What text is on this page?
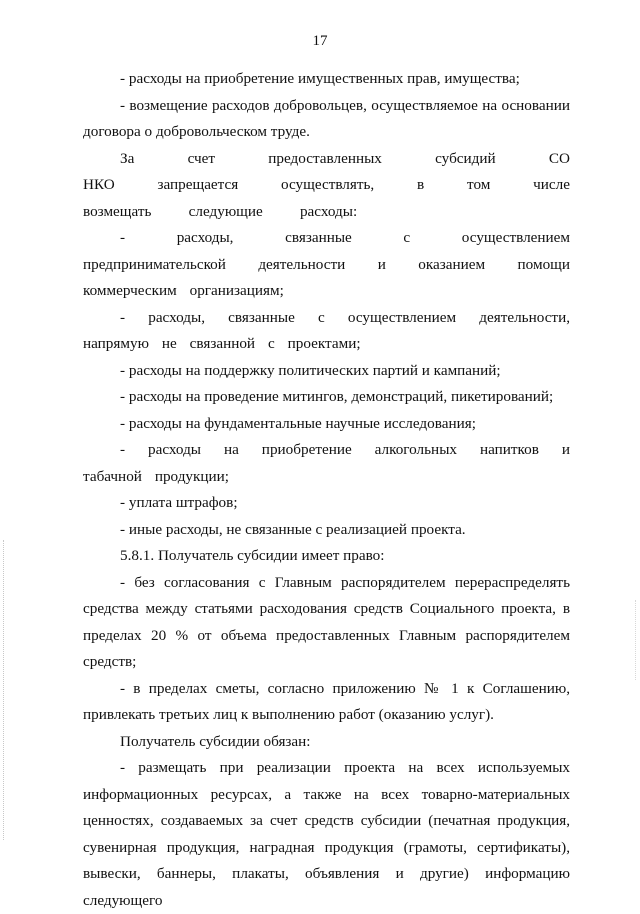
17

- расходы на приобретение имущественных прав, имущества;

- возмещение расходов добровольцев, осуществляемое на основании договора о добровольческом труде.

За счет предоставленных субсидий СО НКО запрещается осуществлять, в том числе возмещать следующие расходы:

- расходы, связанные с осуществлением предпринимательской деятельности и оказанием помощи коммерческим организациям;

- расходы, связанные с осуществлением деятельности, напрямую не связанной с проектами;

- расходы на поддержку политических партий и кампаний;

- расходы на проведение митингов, демонстраций, пикетирований;

- расходы на фундаментальные научные исследования;

- расходы на приобретение алкогольных напитков и табачной продукции;

- уплата штрафов;

- иные расходы, не связанные с реализацией проекта.

5.8.1. Получатель субсидии имеет право:

- без согласования с Главным распорядителем перераспределять средства между статьями расходования средств Социального проекта, в пределах 20 % от объема предоставленных Главным распорядителем средств;

- в пределах сметы, согласно приложению № 1 к Соглашению, привлекать третьих лиц к выполнению работ (оказанию услуг).

Получатель субсидии обязан:

- размещать при реализации проекта на всех используемых информационных ресурсах, а также на всех товарно-материальных ценностях, создаваемых за счет средств субсидии (печатная продукция, сувенирная продукция, наградная продукция (грамоты, сертификаты), вывески, баннеры, плакаты, объявления и другие) информацию следующего
